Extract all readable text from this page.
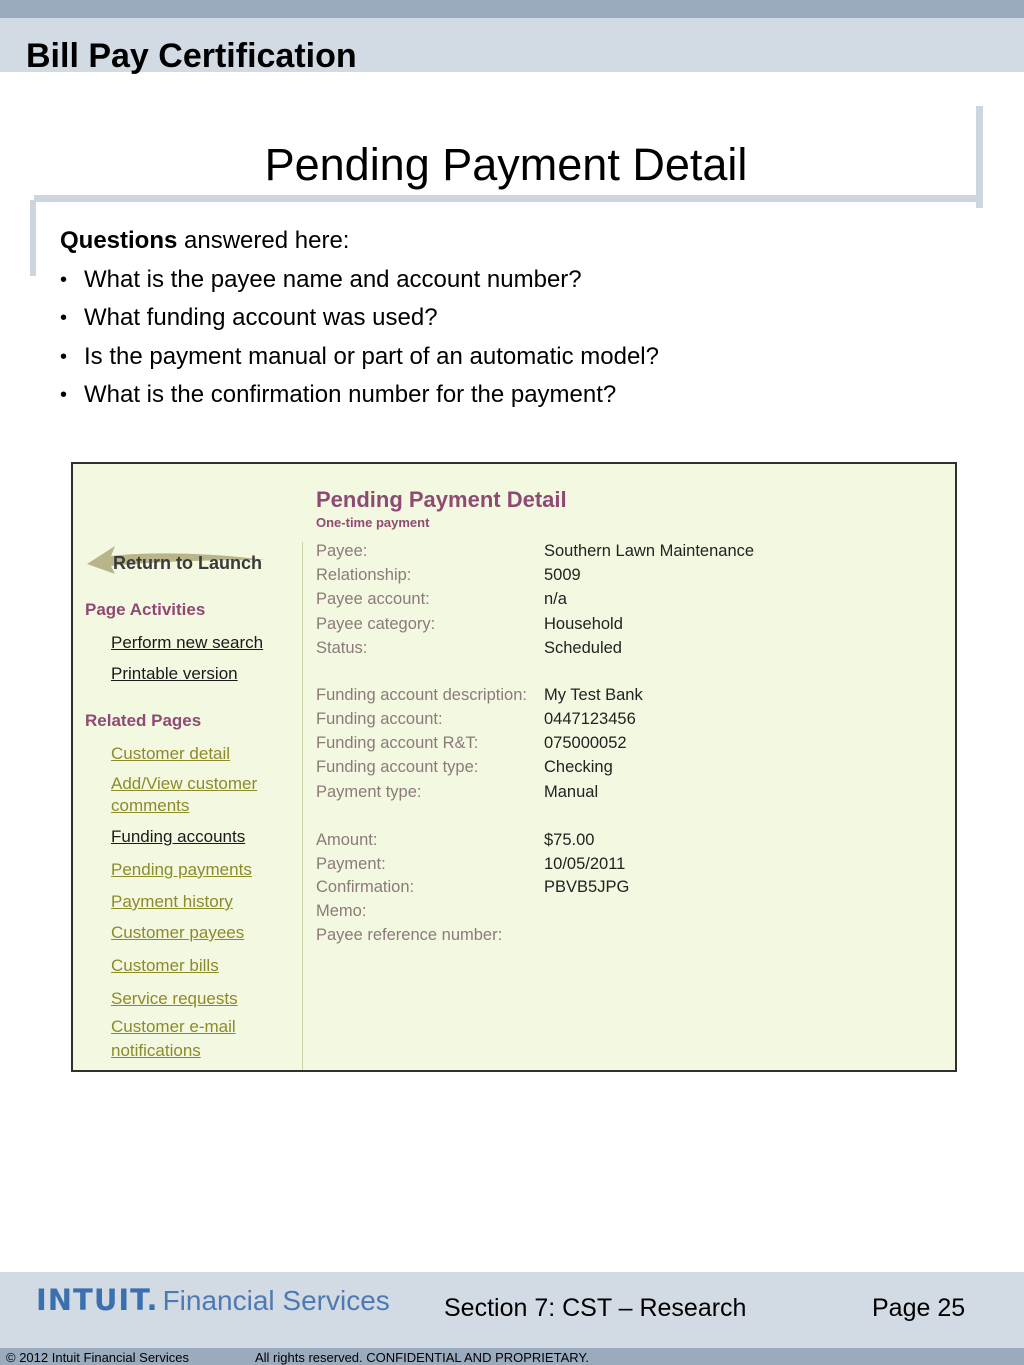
Bill Pay Certification
Pending Payment Detail
Questions answered here:
• What is the payee name and account number?
• What funding account was used?
• Is the payment manual or part of an automatic model?
• What is the confirmation number for the payment?
Pending Payment Detail
One-time payment
Return to Launch
Page Activities
Perform new search
Printable version
Related Pages
Customer detail
Add/View customer
comments
Funding accounts
Pending payments
Payment history
Customer payees
Customer bills
Service requests
Customer e-mail
notifications
Payee:	Southern Lawn Maintenance
Relationship:	5009
Payee account:	n/a
Payee category:	Household
Status:	Scheduled
Funding account description: My Test Bank
Funding account:	0447123456
Funding account R&T:	075000052
Funding account type:	Checking
Payment type:	Manual
Amount:	$75.00
Payment:	10/05/2011
Confirmation:	PBVB5JPG
Memo:
Payee reference number:
INTUIT. Financial Services Section 7: CST – Research	Page 25
© 2012 Intuit Financial Services	All rights reserved. CONFIDENTIAL AND PROPRIETARY.
